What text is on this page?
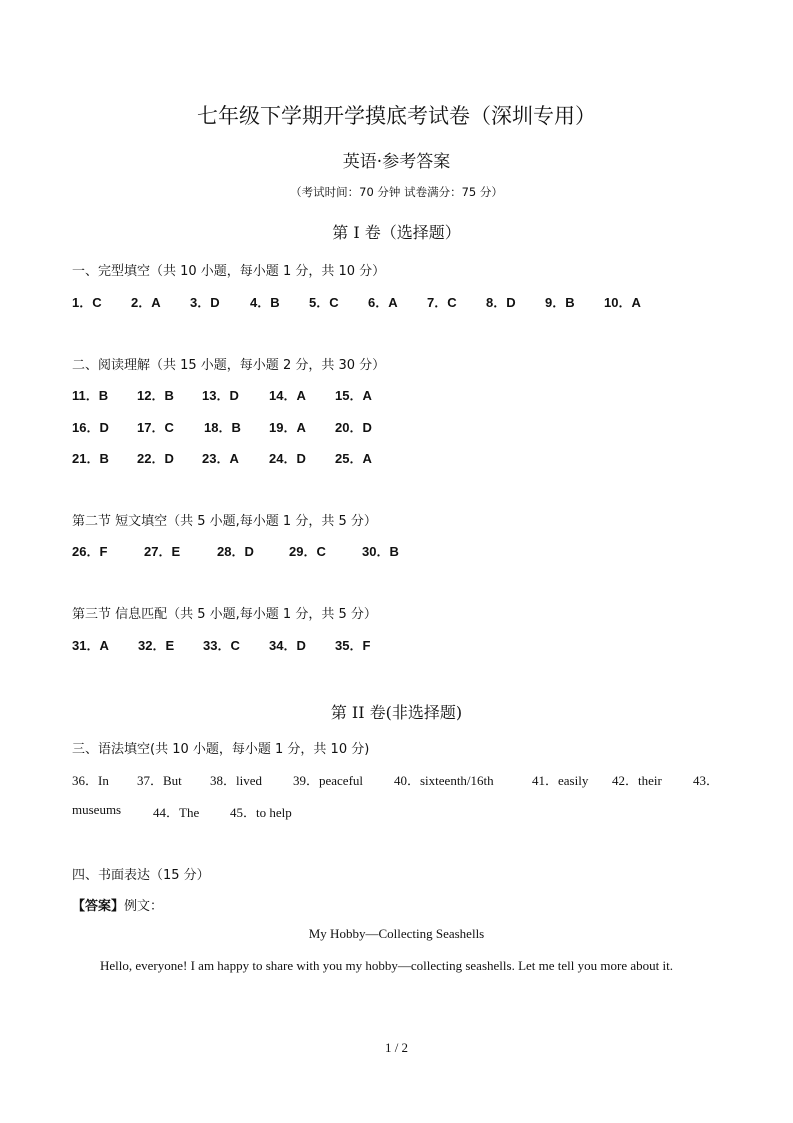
七年级下学期开学摸底考试卷（深圳专用）
英语·参考答案
（考试时间：70 分钟 试卷满分：75 分）
第 I 卷（选择题）
一、完型填空（共 10 小题，每小题 1 分，共 10 分）
1．C 2．A 3．D 4．B 5．C 6．A 7．C 8．D 9．B 10．A
二、阅读理解（共 15 小题，每小题 2 分，共 30 分）
11．B 12．B 13．D 14．A 15．A
16．D 17．C 18．B 19．A 20．D
21．B 22．D 23．A 24．D 25．A
第二节 短文填空（共 5 小题,每小题 1 分，共 5 分）
26．F	27．E	28．D	29．C	30．B
第三节 信息匹配（共 5 小题,每小题 1 分，共 5 分）
31．A 32．E 33．C 34．D 35．F
第 II 卷(非选择题)
三、语法填空(共 10 小题，每小题 1 分，共 10 分)
36．In 37．But 38．lived 39．peaceful 40．sixteenth/16th	41．easily 42．their 43．
museums 44．The 45．to help
四、书面表达（15 分）
【答案】例文：
My Hobby—Collecting Seashells
Hello, everyone! I am happy to share with you my hobby—collecting seashells. Let me tell you more about it.
1 / 2
